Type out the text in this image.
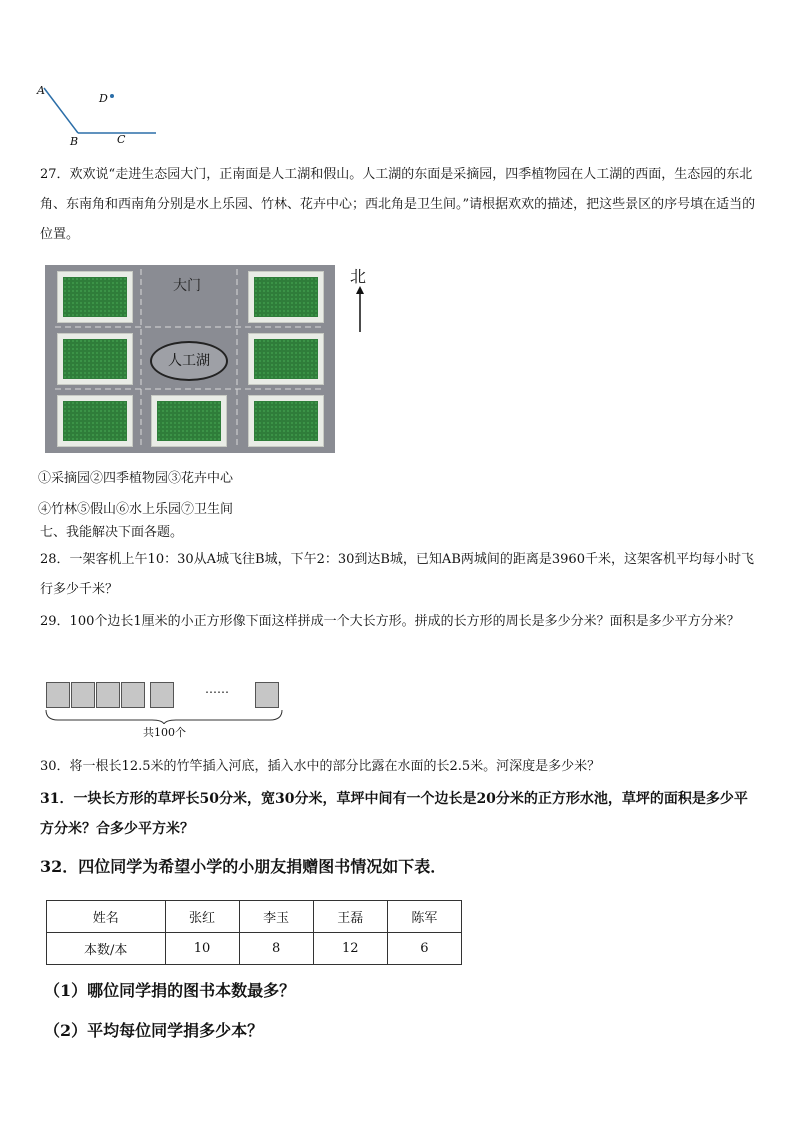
A
D
B	C
27．欢欢说“走进生态园大门，正南面是人工湖和假山。人工湖的东面是采摘园，四季植物园在人工湖的西面，生态园的东北角、东南角和西南角分别是水上乐园、竹林、花卉中心；西北角是卫生间。”请根据欢欢的描述，把这些景区的序号填在适当的位置。
大门
人工湖
北
①采摘园②四季植物园③花卉中心
④竹林⑤假山⑥水上乐园⑦卫生间
七、我能解决下面各题。
28．一架客机上午10：30从A城飞往B城，下午2：30到达B城，已知AB两城间的距离是3960千米，这架客机平均每小时飞行多少千米？
29．100个边长1厘米的小正方形像下面这样拼成一个大长方形。拼成的长方形的周长是多少分米？面积是多少平方分米？
……
共100个
30．将一根长12.5米的竹竿插入河底，插入水中的部分比露在水面的长2.5米。河深度是多少米？
31．一块长方形的草坪长50分米，宽30分米，草坪中间有一个边长是20分米的正方形水池，草坪的面积是多少平方分米？合多少平方米？
32．四位同学为希望小学的小朋友捐赠图书情况如下表．
姓名	张红	李玉	王磊	陈军
本数/本	10	8	12	6
（1）哪位同学捐的图书本数最多？
（2）平均每位同学捐多少本？
